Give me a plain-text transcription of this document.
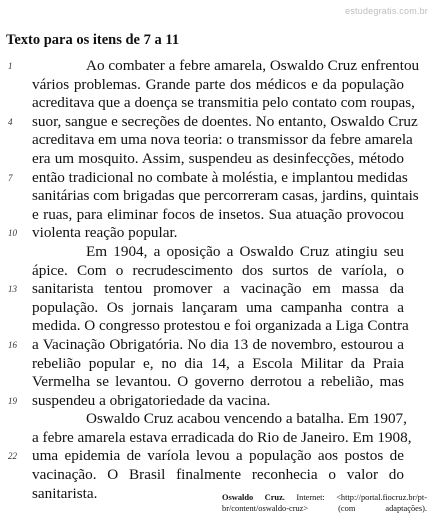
estudegratis.com.br
Texto para os itens de 7 a 11
1	Ao combater a febre amarela, Oswaldo Cruz enfrentou
vários problemas. Grande parte dos médicos e da população
acreditava que a doença se transmitia pelo contato com roupas,
4 suor, sangue e secreções de doentes. No entanto, Oswaldo Cruz
acreditava em uma nova teoria: o transmissor da febre amarela
era um mosquito. Assim, suspendeu as desinfecções, método
7 então tradicional no combate à moléstia, e implantou medidas
sanitárias com brigadas que percorreram casas, jardins, quintais
e ruas, para eliminar focos de insetos. Sua atuação provocou
10 violenta reação popular.
Em 1904, a oposição a Oswaldo Cruz atingiu seu
ápice. Com o recrudescimento dos surtos de varíola, o
13 sanitarista tentou promover a vacinação em massa da
população. Os jornais lançaram uma campanha contra a
medida. O congresso protestou e foi organizada a Liga Contra
16 a Vacinação Obrigatória. No dia 13 de novembro, estourou a
rebelião popular e, no dia 14, a Escola Militar da Praia
Vermelha se levantou. O governo derrotou a rebelião, mas
19 suspendeu a obrigatoriedade da vacina.
Oswaldo Cruz acabou vencendo a batalha. Em 1907,
a febre amarela estava erradicada do Rio de Janeiro. Em 1908,
22 uma epidemia de varíola levou a população aos postos de
vacinação. O Brasil finalmente reconhecia o valor do
sanitarista.	Oswaldo Cruz. Internet: <http://portal.fiocruz.br/pt-
br/content/oswaldo-cruz> (com adaptações).
